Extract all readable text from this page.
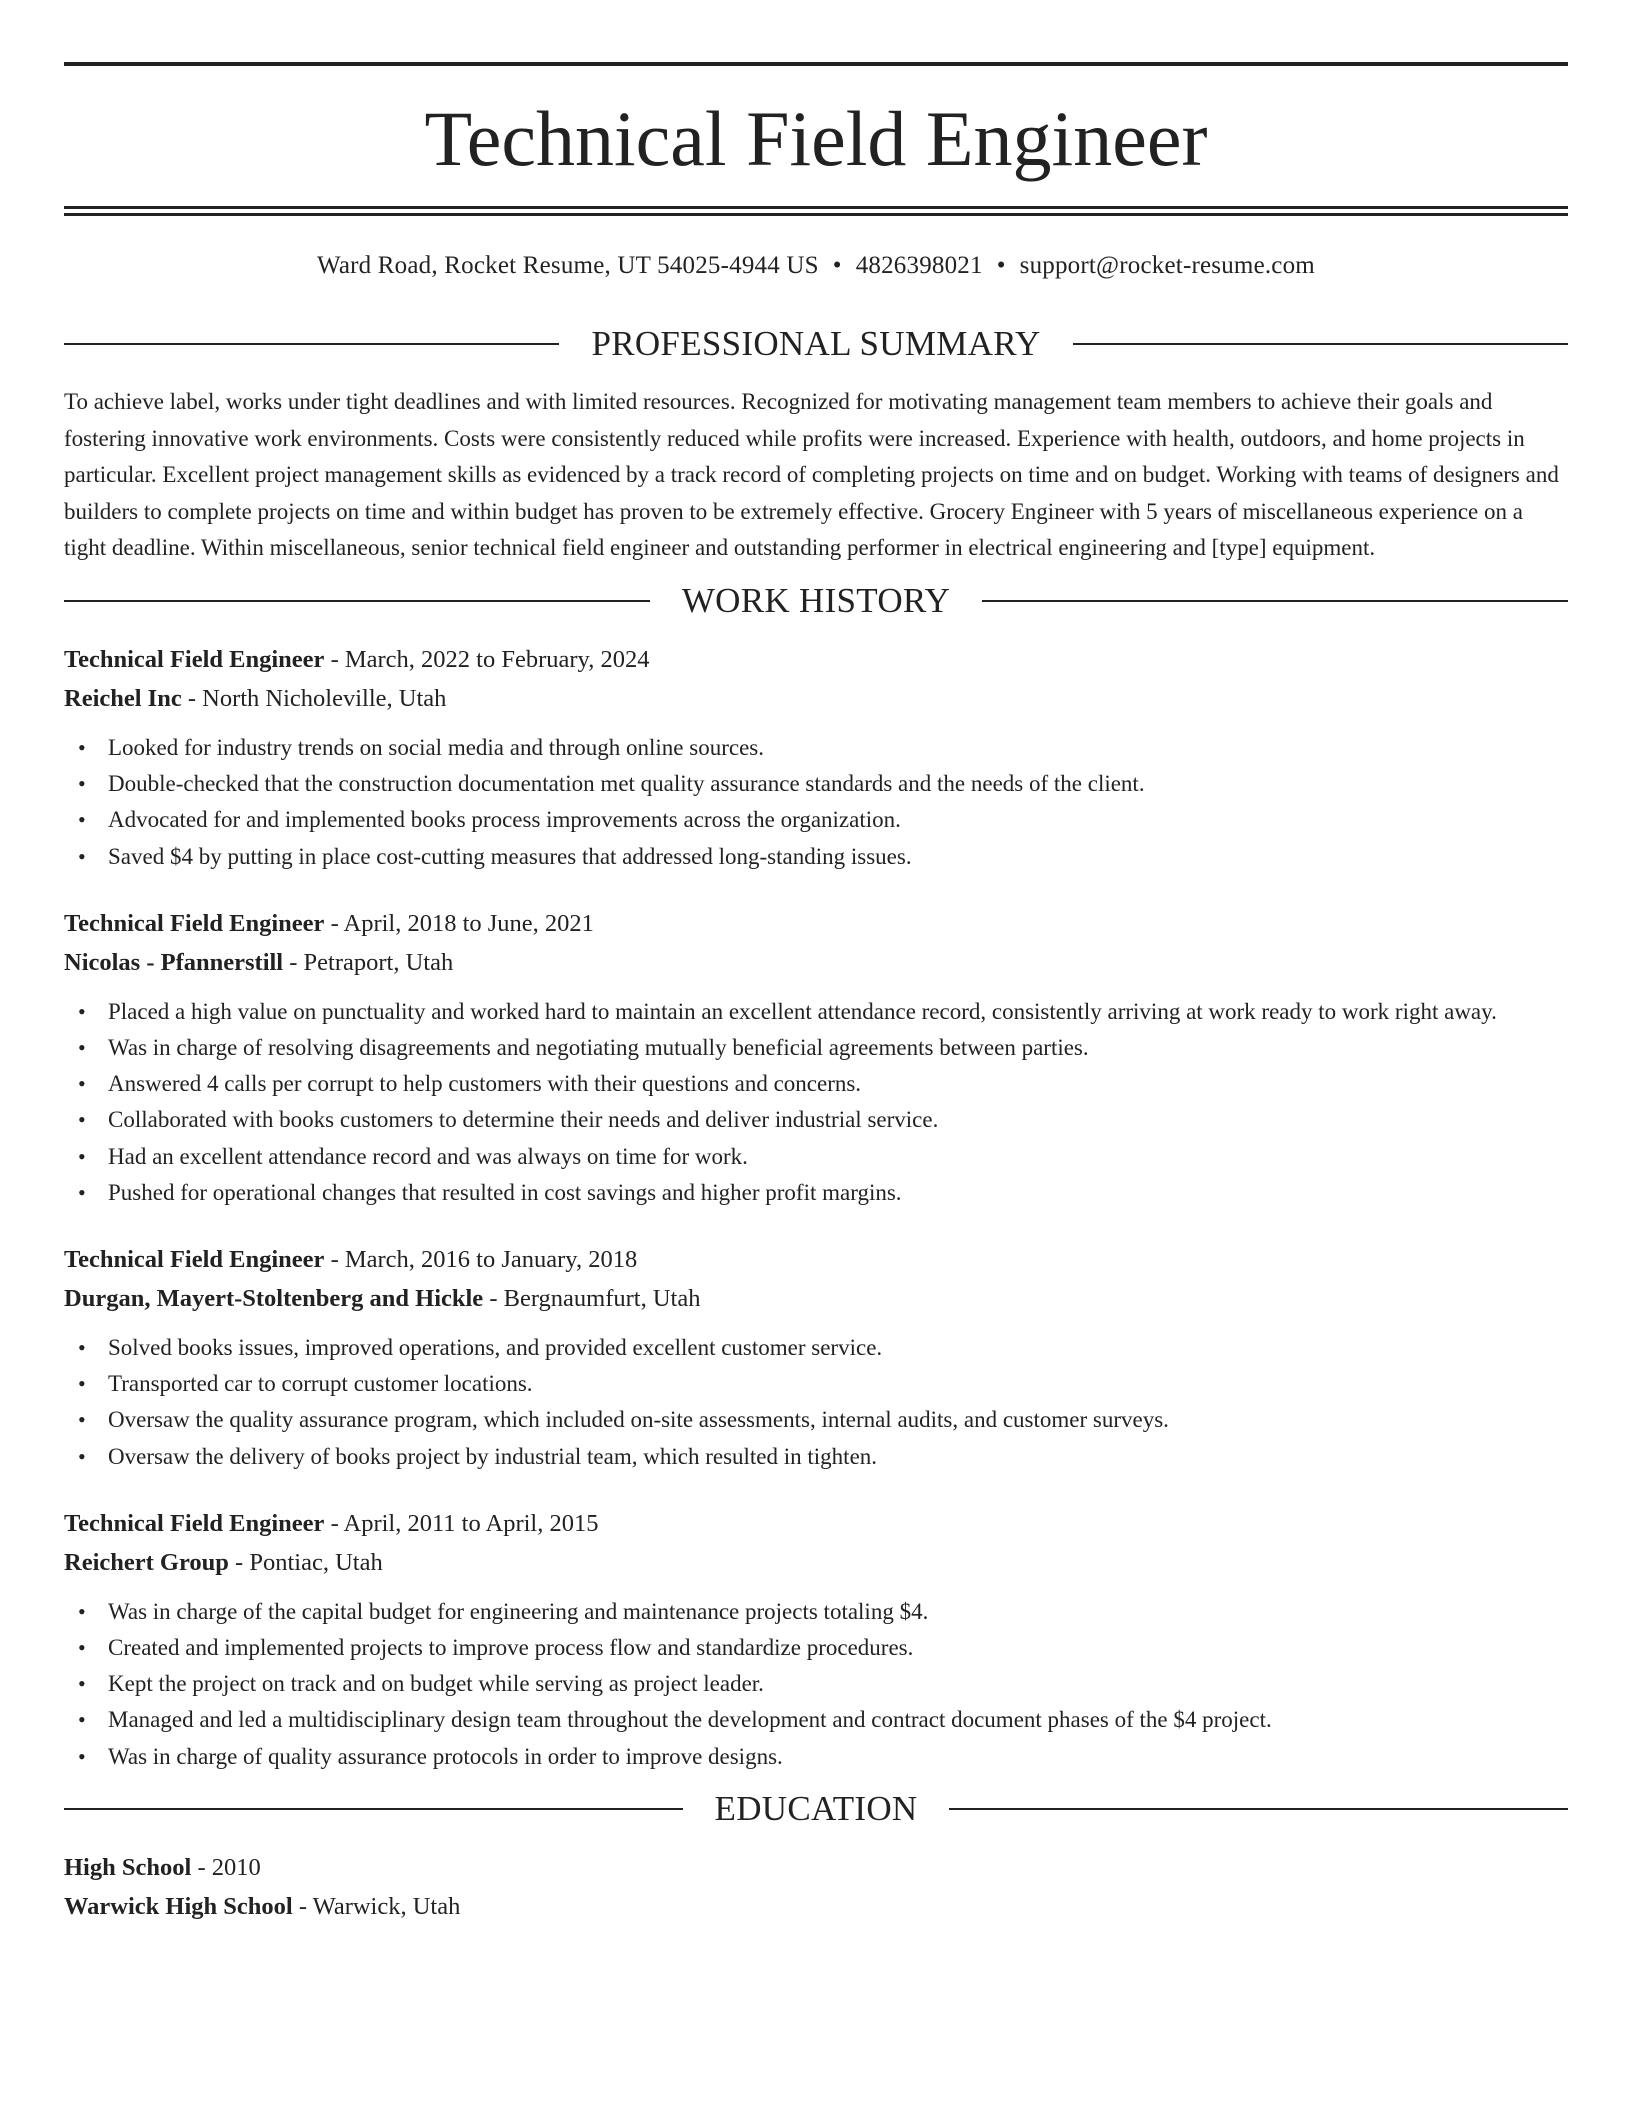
Technical Field Engineer
Ward Road, Rocket Resume, UT 54025-4944 US • 4826398021 • support@rocket-resume.com
PROFESSIONAL SUMMARY

To achieve label, works under tight deadlines and with limited resources. Recognized for motivating management team members to achieve their goals and fostering innovative work environments. Costs were consistently reduced while profits were increased. Experience with health, outdoors, and home projects in particular. Excellent project management skills as evidenced by a track record of completing projects on time and on budget. Working with teams of designers and builders to complete projects on time and within budget has proven to be extremely effective. Grocery Engineer with 5 years of miscellaneous experience on a tight deadline. Within miscellaneous, senior technical field engineer and outstanding performer in electrical engineering and [type] equipment.

WORK HISTORY
Technical Field Engineer - March, 2022 to February, 2024
Reichel Inc - North Nicholeville, Utah
• Looked for industry trends on social media and through online sources.
• Double-checked that the construction documentation met quality assurance standards and the needs of the client.
• Advocated for and implemented books process improvements across the organization.
• Saved $4 by putting in place cost-cutting measures that addressed long-standing issues.
Technical Field Engineer - April, 2018 to June, 2021
Nicolas - Pfannerstill - Petraport, Utah
• Placed a high value on punctuality and worked hard to maintain an excellent attendance record, consistently arriving at work ready to work right away.
• Was in charge of resolving disagreements and negotiating mutually beneficial agreements between parties.
• Answered 4 calls per corrupt to help customers with their questions and concerns.
• Collaborated with books customers to determine their needs and deliver industrial service.
• Had an excellent attendance record and was always on time for work.
• Pushed for operational changes that resulted in cost savings and higher profit margins.
Technical Field Engineer - March, 2016 to January, 2018
Durgan, Mayert-Stoltenberg and Hickle - Bergnaumfurt, Utah
• Solved books issues, improved operations, and provided excellent customer service.
• Transported car to corrupt customer locations.
• Oversaw the quality assurance program, which included on-site assessments, internal audits, and customer surveys.
• Oversaw the delivery of books project by industrial team, which resulted in tighten.
Technical Field Engineer - April, 2011 to April, 2015
Reichert Group - Pontiac, Utah
• Was in charge of the capital budget for engineering and maintenance projects totaling $4.
• Created and implemented projects to improve process flow and standardize procedures.
• Kept the project on track and on budget while serving as project leader.
• Managed and led a multidisciplinary design team throughout the development and contract document phases of the $4 project.
• Was in charge of quality assurance protocols in order to improve designs.
EDUCATION
High School - 2010
Warwick High School - Warwick, Utah
